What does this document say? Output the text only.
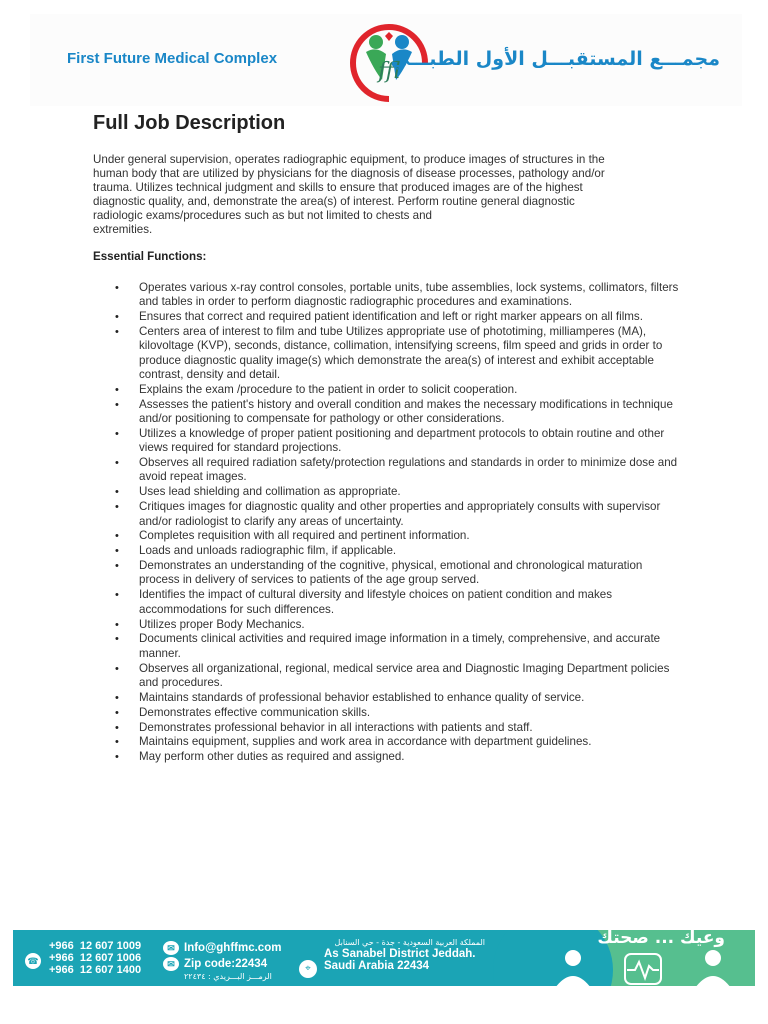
First Future Medical Complex
ffl
مجمـــع المستقبـــل الأول الطبـــي
Full Job Description
Under general supervision, operates radiographic equipment, to produce images of structures in the
human body that are utilized by physicians for the diagnosis of disease processes, pathology and/or
trauma. Utilizes technical judgment and skills to ensure that produced images are of the highest
diagnostic quality, and, demonstrate the area(s) of interest. Perform routine general diagnostic
radiologic exams/procedures such as but not limited to chests and
extremities.
Essential Functions:
• Operates various x-ray control consoles, portable units, tube assemblies, lock systems, collimators, filters and tables in order to perform diagnostic radiographic procedures and examinations.
• Ensures that correct and required patient identification and left or right marker appears on all films.
• Centers area of interest to film and tube Utilizes appropriate use of phototiming, milliamperes (MA), kilovoltage (KVP), seconds, distance, collimation, intensifying screens, film speed and grids in order to produce diagnostic quality image(s) which demonstrate the area(s) of interest and exhibit acceptable contrast, density and detail.
• Explains the exam /procedure to the patient in order to solicit cooperation.
• Assesses the patient's history and overall condition and makes the necessary modifications in technique and/or positioning to compensate for pathology or other considerations.
• Utilizes a knowledge of proper patient positioning and department protocols to obtain routine and other views required for standard projections.
• Observes all required radiation safety/protection regulations and standards in order to minimize dose and avoid repeat images.
• Uses lead shielding and collimation as appropriate.
• Critiques images for diagnostic quality and other properties and appropriately consults with supervisor and/or radiologist to clarify any areas of uncertainty.
• Completes requisition with all required and pertinent information.
• Loads and unloads radiographic film, if applicable.
• Demonstrates an understanding of the cognitive, physical, emotional and chronological maturation process in delivery of services to patients of the age group served.
• Identifies the impact of cultural diversity and lifestyle choices on patient condition and makes accommodations for such differences.
• Utilizes proper Body Mechanics.
• Documents clinical activities and required image information in a timely, comprehensive, and accurate manner.
• Observes all organizational, regional, medical service area and Diagnostic Imaging Department policies and procedures.
• Maintains standards of professional behavior established to enhance quality of service.
• Demonstrates effective communication skills.
• Demonstrates professional behavior in all interactions with patients and staff.
• Maintains equipment, supplies and work area in accordance with department guidelines.
• May perform other duties as required and assigned.
☎
+966  12 607 1009
+966  12 607 1006
+966  12 607 1400
✉ Info@ghffmc.com
✉ Zip code:22434
الرمـــز البـــريدي : ٢٢٤٣٤
⌖
المملكة العربية السعودية - جدة - حي السنابل
As Sanabel District Jeddah.
Saudi Arabia 22434
وعيك ... صحتك
